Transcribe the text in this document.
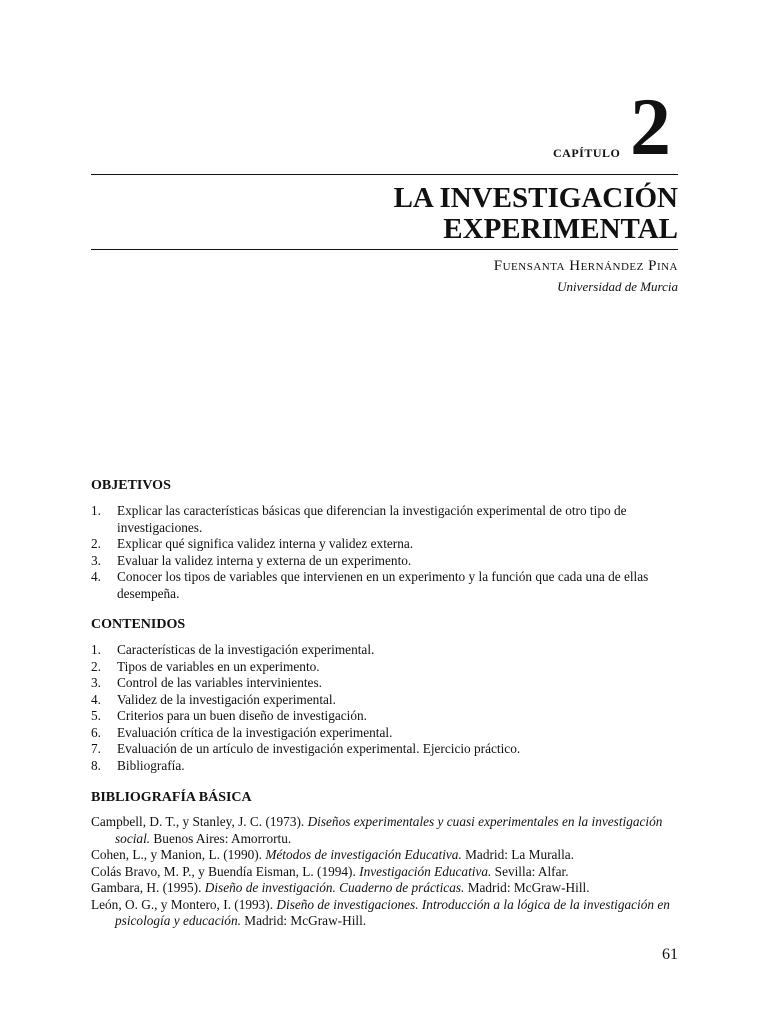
CAPÍTULO 2
LA INVESTIGACIÓN
EXPERIMENTAL
Fuensanta Hernández Pina
Universidad de Murcia
OBJETIVOS
1. Explicar las características básicas que diferencian la investigación experimental de otro tipo de investigaciones.
2. Explicar qué significa validez interna y validez externa.
3. Evaluar la validez interna y externa de un experimento.
4. Conocer los tipos de variables que intervienen en un experimento y la función que cada una de ellas desempeña.
CONTENIDOS
1. Características de la investigación experimental.
2. Tipos de variables en un experimento.
3. Control de las variables intervinientes.
4. Validez de la investigación experimental.
5. Criterios para un buen diseño de investigación.
6. Evaluación crítica de la investigación experimental.
7. Evaluación de un artículo de investigación experimental. Ejercicio práctico.
8. Bibliografía.
BIBLIOGRAFÍA BÁSICA
Campbell, D. T., y Stanley, J. C. (1973). Diseños experimentales y cuasi experimentales en la investigación social. Buenos Aires: Amorrortu.
Cohen, L., y Manion, L. (1990). Métodos de investigación Educativa. Madrid: La Muralla.
Colás Bravo, M. P., y Buendía Eisman, L. (1994). Investigación Educativa. Sevilla: Alfar.
Gambara, H. (1995). Diseño de investigación. Cuaderno de prácticas. Madrid: McGraw-Hill.
León, O. G., y Montero, I. (1993). Diseño de investigaciones. Introducción a la lógica de la investigación en psicología y educación. Madrid: McGraw-Hill.
61
